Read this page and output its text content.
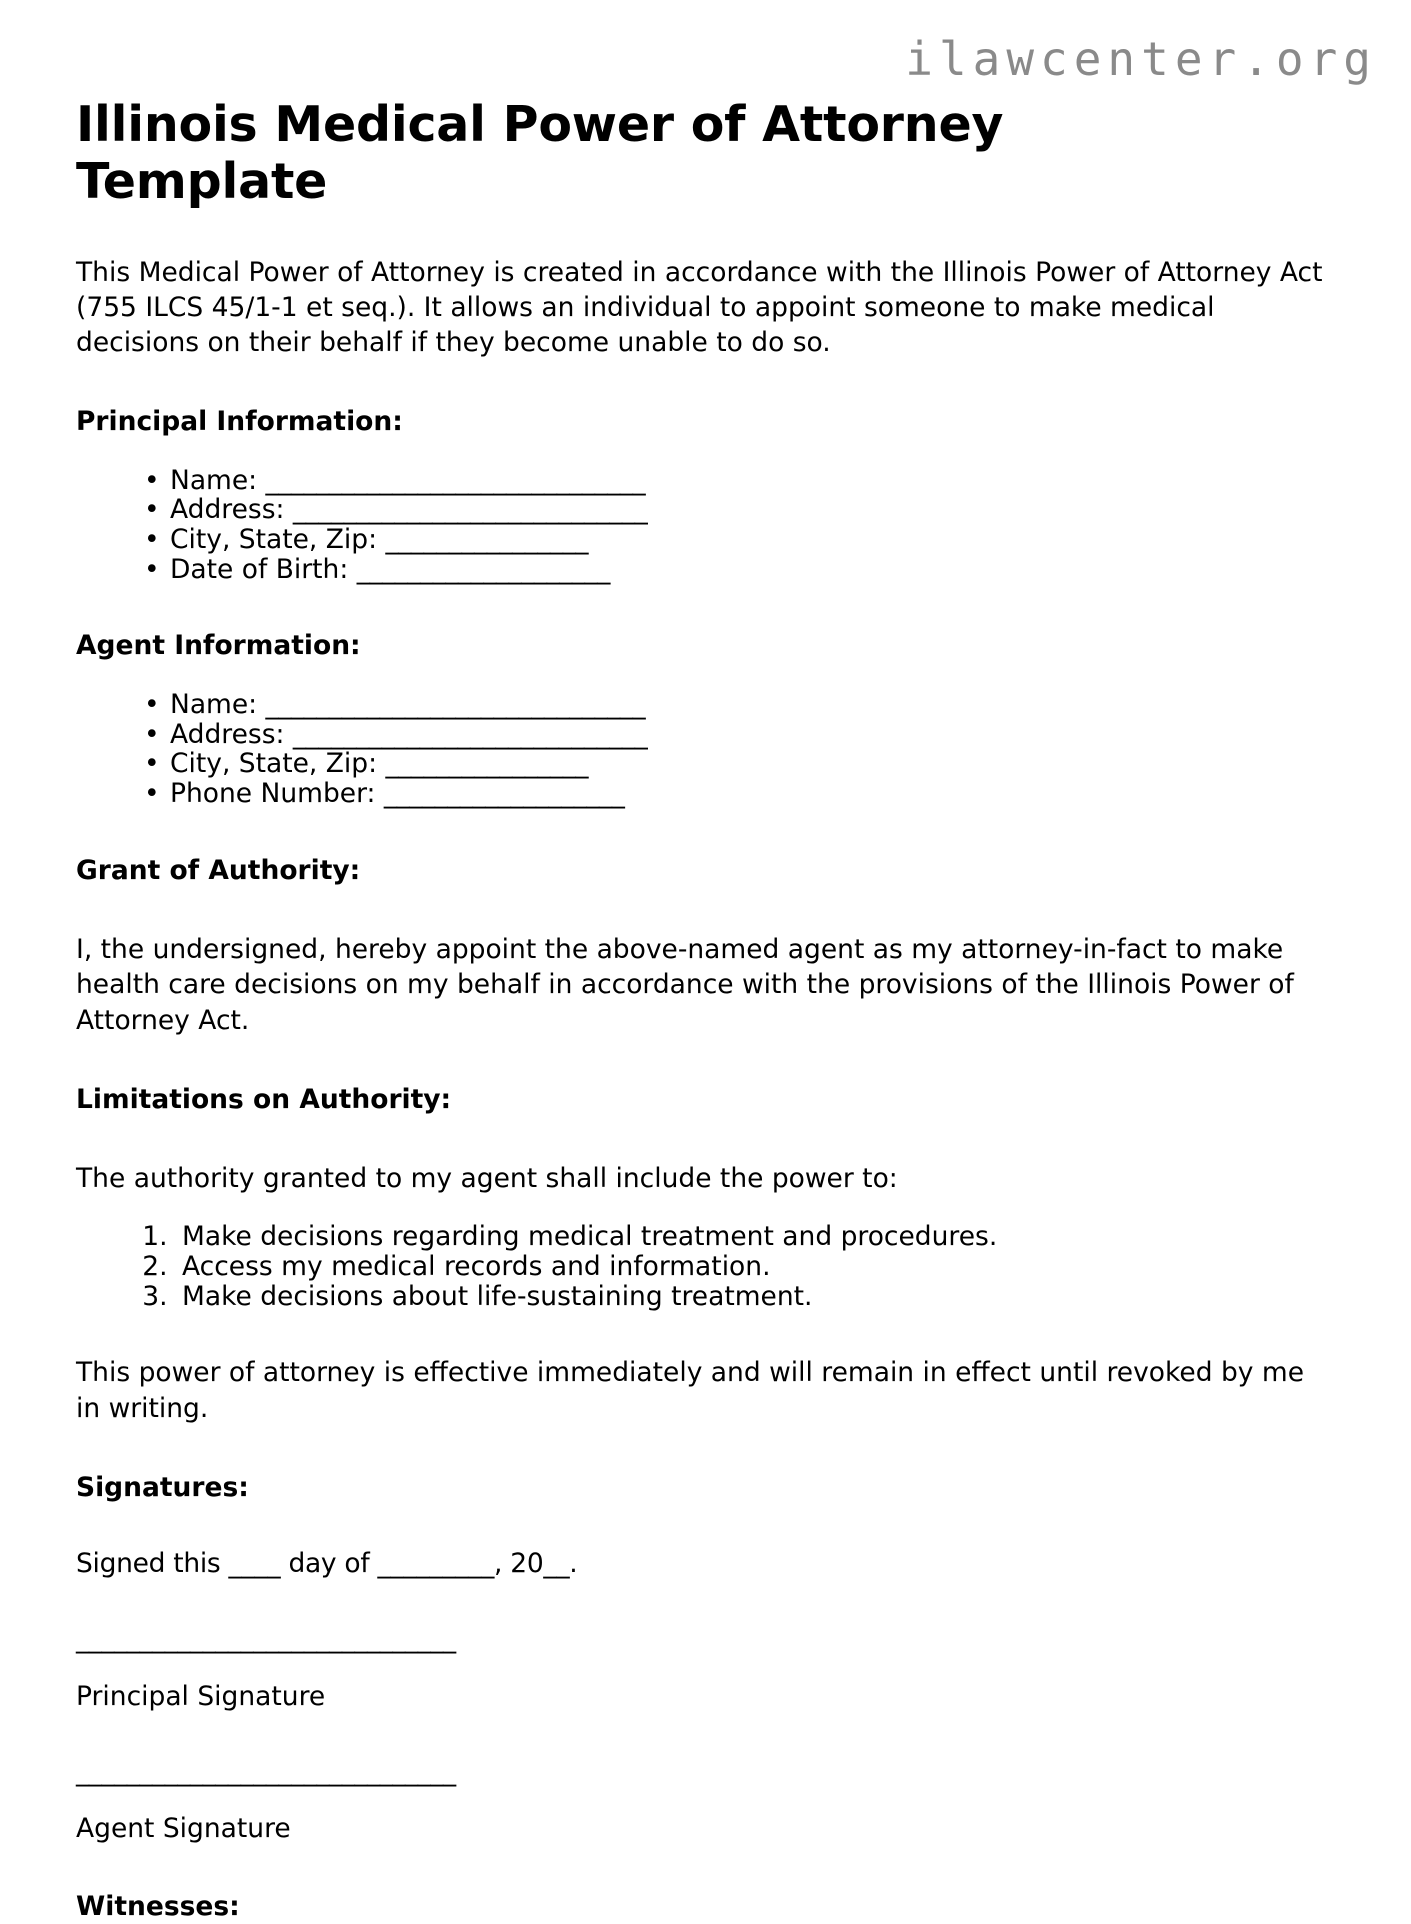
ilawcenter.org
Illinois Medical Power of Attorney Template

This Medical Power of Attorney is created in accordance with the Illinois Power of Attorney Act (755 ILCS 45/1-1 et seq.). It allows an individual to appoint someone to make medical decisions on their behalf if they become unable to do so.

Principal Information:
• Name: ______________________________
• Address: ____________________________
• City, State, Zip: ________________
• Date of Birth: ____________________
Agent Information:
• Name: ______________________________
• Address: ____________________________
• City, State, Zip: ________________
• Phone Number: ___________________
Grant of Authority:

I, the undersigned, hereby appoint the above-named agent as my attorney-in-fact to make health care decisions on my behalf in accordance with the provisions of the Illinois Power of Attorney Act.

Limitations on Authority:

The authority granted to my agent shall include the power to:

1. Make decisions regarding medical treatment and procedures.
2. Access my medical records and information.
3. Make decisions about life-sustaining treatment.

This power of attorney is effective immediately and will remain in effect until revoked by me in writing.

Signatures:

Signed this ____ day of _________, 20__.

______________________________

Principal Signature

______________________________

Agent Signature

Witnesses:
